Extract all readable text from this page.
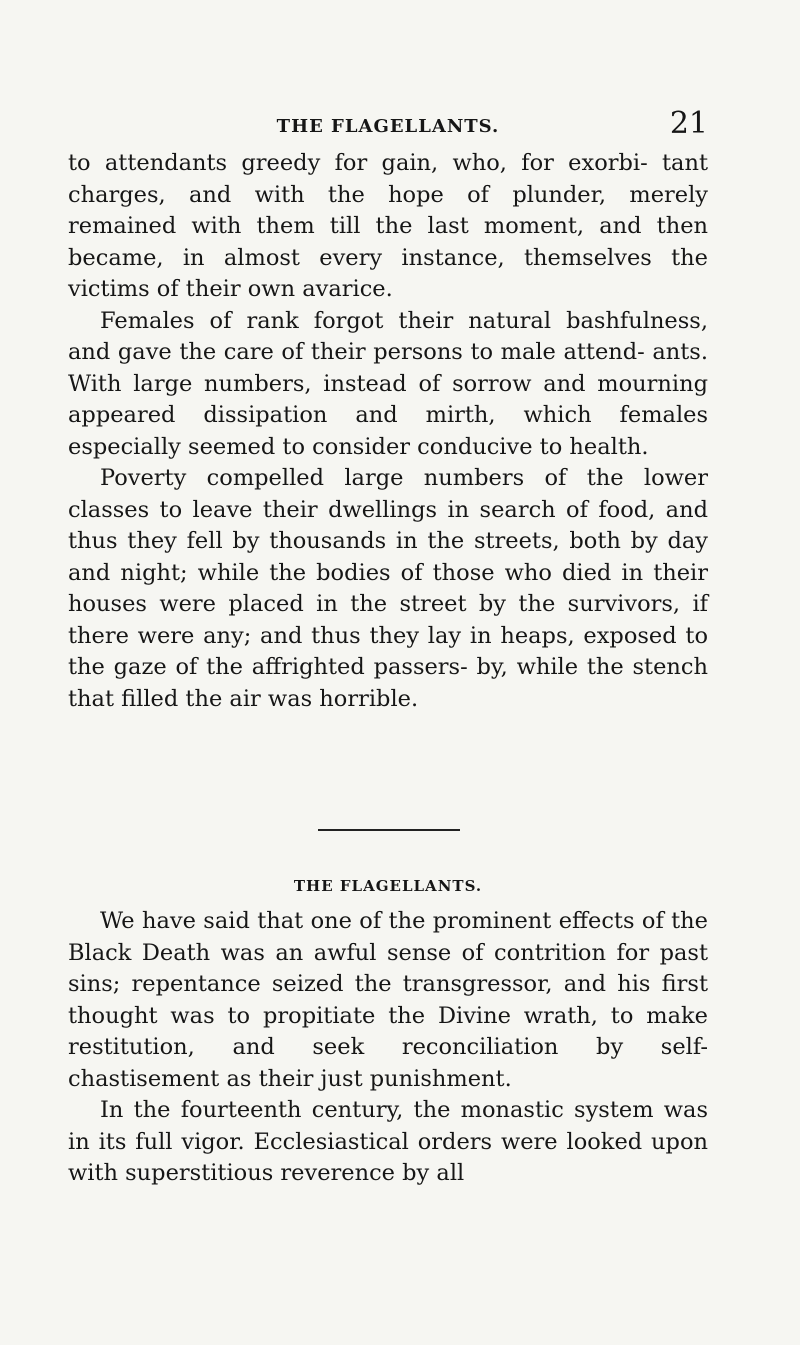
THE FLAGELLANTS.	21

to attendants greedy for gain, who, for exorbi- tant charges, and with the hope of plunder, merely remained with them till the last moment, and then became, in almost every instance, themselves the victims of their own avarice.

Females of rank forgot their natural bashfulness, and gave the care of their persons to male attend- ants. With large numbers, instead of sorrow and mourning appeared dissipation and mirth, which females especially seemed to consider conducive to health.

Poverty compelled large numbers of the lower classes to leave their dwellings in search of food, and thus they fell by thousands in the streets, both by day and night; while the bodies of those who died in their houses were placed in the street by the survivors, if there were any; and thus they lay in heaps, exposed to the gaze of the affrighted passers- by, while the stench that filled the air was horrible.

THE FLAGELLANTS.

We have said that one of the prominent effects of the Black Death was an awful sense of contrition for past sins; repentance seized the transgressor, and his first thought was to propitiate the Divine wrath, to make restitution, and seek reconciliation by self- chastisement as their just punishment.

In the fourteenth century, the monastic system was in its full vigor. Ecclesiastical orders were looked upon with superstitious reverence by all
